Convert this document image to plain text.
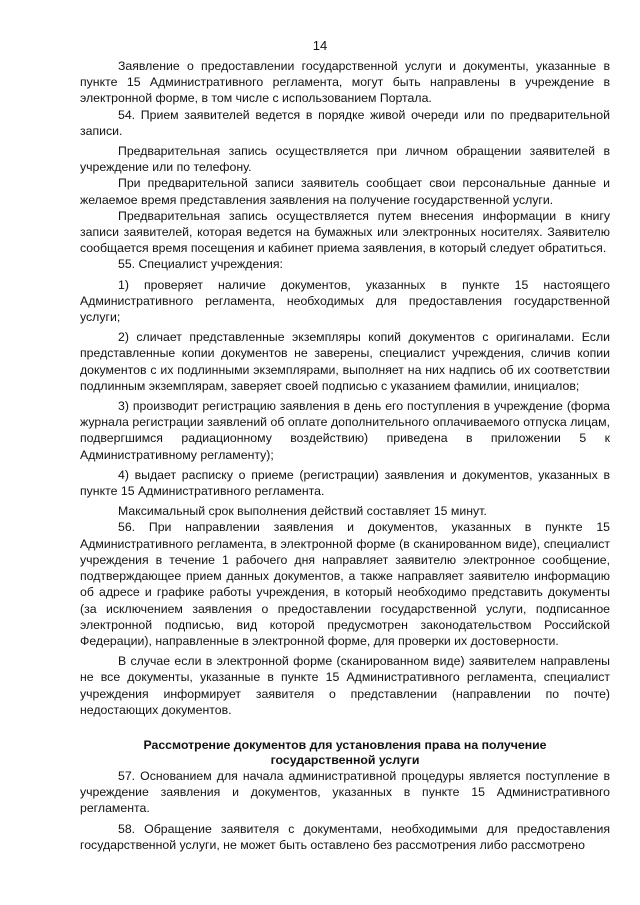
14

Заявление о предоставлении государственной услуги и документы, указанные в пункте 15 Административного регламента, могут быть направлены в учреждение в электронной форме, в том числе с использованием Портала.

54. Прием заявителей ведется в порядке живой очереди или по предварительной записи.

Предварительная запись осуществляется при личном обращении заявителей в учреждение или по телефону.

При предварительной записи заявитель сообщает свои персональные данные и желаемое время представления заявления на получение государственной услуги.

Предварительная запись осуществляется путем внесения информации в книгу записи заявителей, которая ведется на бумажных или электронных носителях. Заявителю сообщается время посещения и кабинет приема заявления, в который следует обратиться.

55. Специалист учреждения:

1) проверяет наличие документов, указанных в пункте 15 настоящего Административного регламента, необходимых для предоставления государственной услуги;

2) сличает представленные экземпляры копий документов с оригиналами. Если представленные копии документов не заверены, специалист учреждения, сличив копии документов с их подлинными экземплярами, выполняет на них надпись об их соответствии подлинным экземплярам, заверяет своей подписью с указанием фамилии, инициалов;

3) производит регистрацию заявления в день его поступления в учреждение (форма журнала регистрации заявлений об оплате дополнительного оплачиваемого отпуска лицам, подвергшимся радиационному воздействию) приведена в приложении 5 к Административному регламенту);

4) выдает расписку о приеме (регистрации) заявления и документов, указанных в пункте 15 Административного регламента.

Максимальный срок выполнения действий составляет 15 минут.

56. При направлении заявления и документов, указанных в пункте 15 Административного регламента, в электронной форме (в сканированном виде), специалист учреждения в течение 1 рабочего дня направляет заявителю электронное сообщение, подтверждающее прием данных документов, а также направляет заявителю информацию об адресе и графике работы учреждения, в который необходимо представить документы (за исключением заявления о предоставлении государственной услуги, подписанное электронной подписью, вид которой предусмотрен законодательством Российской Федерации), направленные в электронной форме, для проверки их достоверности.

В случае если в электронной форме (сканированном виде) заявителем направлены не все документы, указанные в пункте 15 Административного регламента, специалист учреждения информирует заявителя о представлении (направлении по почте) недостающих документов.

Рассмотрение документов для установления права на получение государственной услуги

57. Основанием для начала административной процедуры является поступление в учреждение заявления и документов, указанных в пункте 15 Административного регламента.

58. Обращение заявителя с документами, необходимыми для предоставления государственной услуги, не может быть оставлено без рассмотрения либо рассмотрено
